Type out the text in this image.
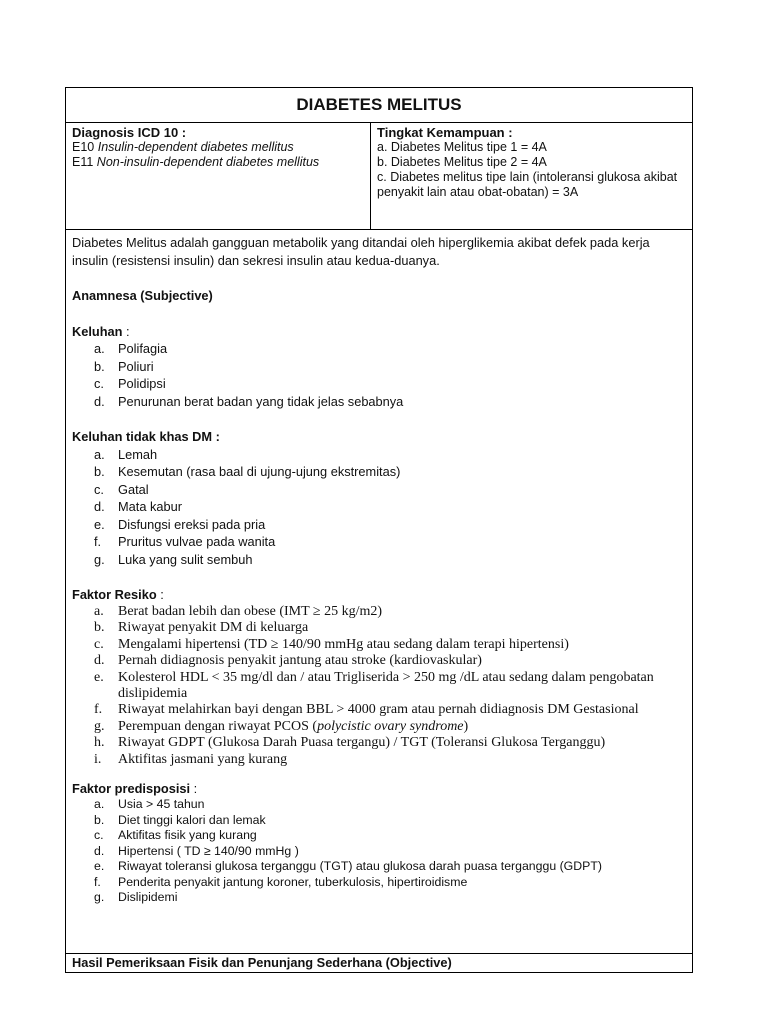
DIABETES MELITUS
Diagnosis ICD 10 :
E10 Insulin-dependent diabetes mellitus
E11 Non-insulin-dependent diabetes mellitus
Tingkat Kemampuan :
a. Diabetes Melitus tipe 1 = 4A
b. Diabetes Melitus tipe 2 = 4A
c. Diabetes melitus tipe lain (intoleransi glukosa akibat penyakit lain atau obat-obatan) = 3A

Diabetes Melitus adalah gangguan metabolik yang ditandai oleh hiperglikemia akibat defek pada kerja insulin (resistensi insulin) dan sekresi insulin atau kedua-duanya.

Anamnesa (Subjective)
Keluhan :
a.	Polifagia
b.	Poliuri
c.	Polidipsi
d.	Penurunan berat badan yang tidak jelas sebabnya
Keluhan tidak khas DM :
a.	Lemah
b.	Kesemutan (rasa baal di ujung-ujung ekstremitas)
c.	Gatal
d.	Mata kabur
e.	Disfungsi ereksi pada pria
f.	Pruritus vulvae pada wanita
g.	Luka yang sulit sembuh
Faktor Resiko :
a.	Berat badan lebih dan obese (IMT ≥ 25 kg/m2)
b. Riwayat penyakit DM di keluarga
c.	Mengalami hipertensi (TD ≥ 140/90 mmHg atau sedang dalam terapi hipertensi)
d. Pernah didiagnosis penyakit jantung atau stroke (kardiovaskular)
e.	Kolesterol HDL < 35 mg/dl dan / atau Trigliserida > 250 mg /dL atau sedang dalam pengobatan dislipidemia
f.	Riwayat melahirkan bayi dengan BBL > 4000 gram atau pernah didiagnosis DM Gestasional
g. Perempuan dengan riwayat PCOS (polycistic ovary syndrome)
h. Riwayat GDPT (Glukosa Darah Puasa tergangu) / TGT (Toleransi Glukosa Terganggu)
i.	Aktifitas jasmani yang kurang
Faktor predisposisi :
a.	Usia > 45 tahun
b.	Diet tinggi kalori dan lemak
c.	Aktifitas fisik yang kurang
d.	Hipertensi ( TD ≥ 140/90 mmHg )
e.	Riwayat toleransi glukosa terganggu (TGT) atau glukosa darah puasa terganggu (GDPT)
f.	Penderita penyakit jantung koroner, tuberkulosis, hipertiroidisme
g.	Dislipidemi
Hasil Pemeriksaan Fisik dan Penunjang Sederhana (Objective)
